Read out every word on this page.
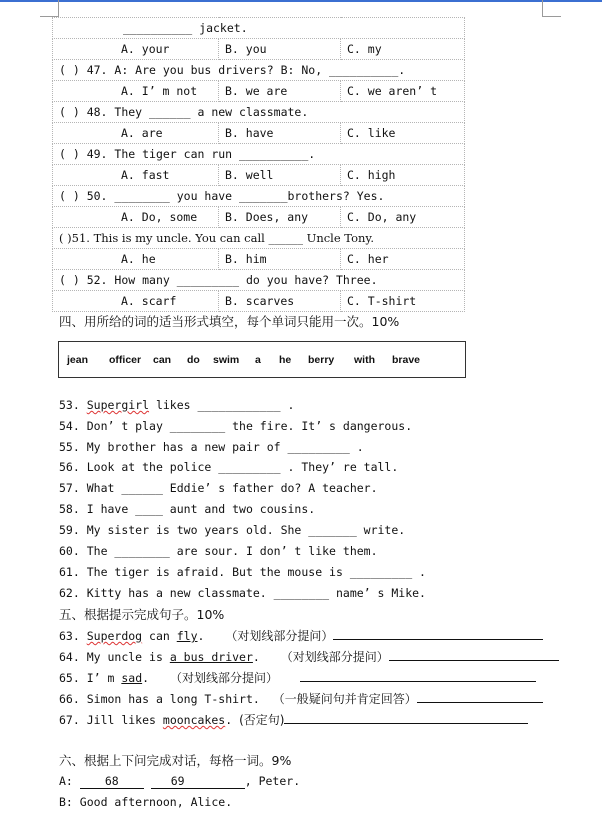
__________ jacket.		
A. your	B. you	C. my
( ) 47. A: Are you bus drivers? B: No, __________.		
A. I’ m not	B. we are	C. we aren’ t
( ) 48. They ______ a new classmate.		
A. are	B. have	C. like
( ) 49. The tiger can run __________.		
A. fast	B. well	C. high
( ) 50. ________ you have _______brothers? Yes.		
A. Do, some	B. Does, any	C. Do, any
( )51. This is my uncle. You can call ______ Uncle Tony.		
A. he	B. him	C. her
( ) 52. How many _________ do you have? Three.		
A. scarf	B. scarves	C. T-shirt
四、用所给的词的适当形式填空，每个单词只能用一次。10%
jean	officer	can	do	swim	a	he	berry	with	brave
53. Supergirl likes ____________ .
54. Don’ t play ________ the fire. It’ s dangerous.
55. My brother has a new pair of _________ .
56. Look at the police _________ . They’ re tall.
57. What ______ Eddie’ s father do? A teacher.
58. I have ____ aunt and two cousins.
59. My sister is two years old. She _______ write.
60. The ________ are sour. I don’ t like them.
61. The tiger is afraid. But the mouse is _________ .
62. Kitty has a new classmate. ________ name’ s Mike.
五、根据提示完成句子。10%
63. Superdog can fly. （对划线部分提问）
64. My uncle is a bus driver. （对划线部分提问）
65. I’ m sad. （对划线部分提问）
66. Simon has a long T-shirt. （一般疑问句并肯定回答）
67. Jill likes mooncakes. (否定句)
六、根据上下问完成对话，每格一词。9%
A:	68	69	, Peter.
B: Good afternoon, Alice.
